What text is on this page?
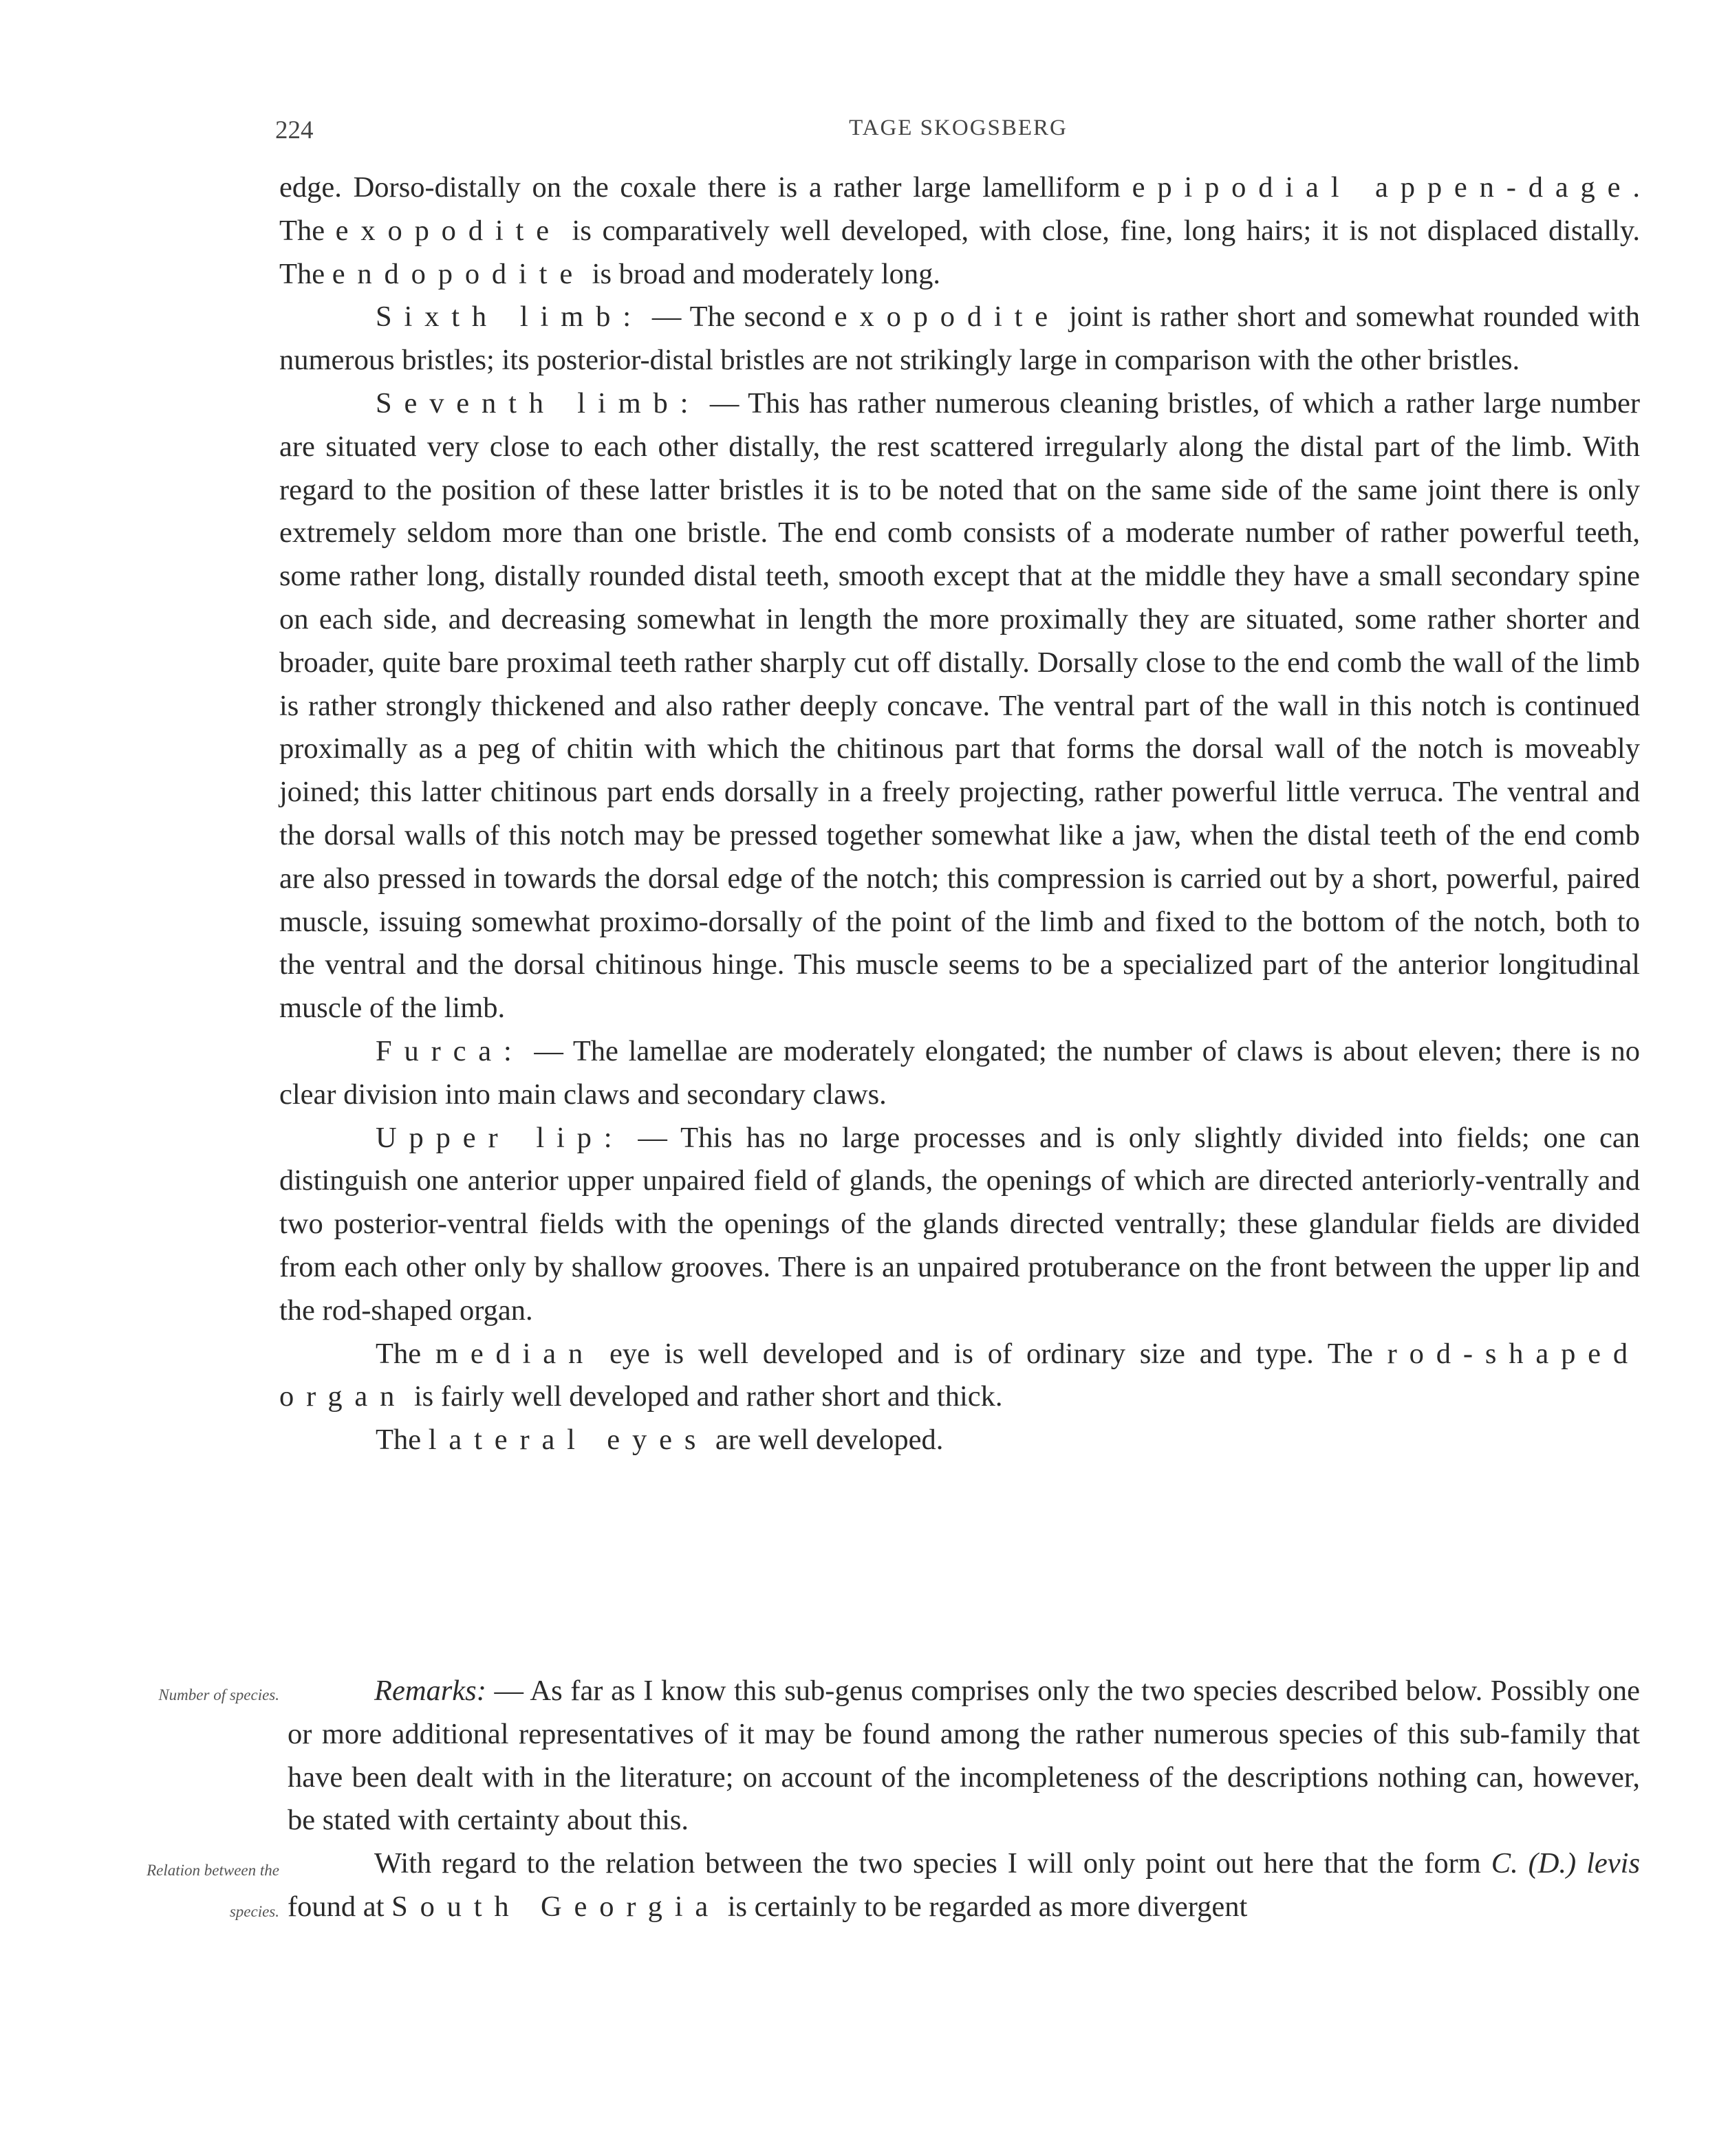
224	TAGE SKOGSBERG

edge. Dorso-distally on the coxale there is a rather large lamelliform epipodial appen-dage. The exopodite is comparatively well developed, with close, fine, long hairs; it is not displaced distally. The endopodite is broad and moderately long.

Sixth limb: — The second exopodite joint is rather short and somewhat rounded with numerous bristles; its posterior-distal bristles are not strikingly large in comparison with the other bristles.

Seventh limb: — This has rather numerous cleaning bristles, of which a rather large number are situated very close to each other distally, the rest scattered irregularly along the distal part of the limb. With regard to the position of these latter bristles it is to be noted that on the same side of the same joint there is only extremely seldom more than one bristle. The end comb consists of a moderate number of rather powerful teeth, some rather long, distally rounded distal teeth, smooth except that at the middle they have a small secondary spine on each side, and decreasing somewhat in length the more proximally they are situated, some rather shorter and broader, quite bare proximal teeth rather sharply cut off distally. Dorsally close to the end comb the wall of the limb is rather strongly thickened and also rather deeply concave. The ventral part of the wall in this notch is continued proximally as a peg of chitin with which the chitinous part that forms the dorsal wall of the notch is moveably joined; this latter chitinous part ends dorsally in a freely projecting, rather powerful little verruca. The ventral and the dorsal walls of this notch may be pressed together somewhat like a jaw, when the distal teeth of the end comb are also pressed in towards the dorsal edge of the notch; this compression is carried out by a short, powerful, paired muscle, issuing somewhat proximo-dorsally of the point of the limb and fixed to the bottom of the notch, both to the ventral and the dorsal chitinous hinge. This muscle seems to be a specialized part of the anterior longitudinal muscle of the limb.

Furca: — The lamellae are moderately elongated; the number of claws is about eleven; there is no clear division into main claws and secondary claws.

Upper lip: — This has no large processes and is only slightly divided into fields; one can distinguish one anterior upper unpaired field of glands, the openings of which are directed anteriorly-ventrally and two posterior-ventral fields with the openings of the glands directed ventrally; these glandular fields are divided from each other only by shallow grooves. There is an unpaired protuberance on the front between the upper lip and the rod-shaped organ.

The median eye is well developed and is of ordinary size and type. The rod-shaped organ is fairly well developed and rather short and thick.

The lateral eyes are well developed.

Number of species.
Relation between the
species.

Remarks: — As far as I know this sub-genus comprises only the two species described below. Possibly one or more additional representatives of it may be found among the rather numerous species of this sub-family that have been dealt with in the literature; on account of the incompleteness of the descriptions nothing can, however, be stated with certainty about this.

With regard to the relation between the two species I will only point out here that the form C. (D.) levis found at South Georgia is certainly to be regarded as more divergent
